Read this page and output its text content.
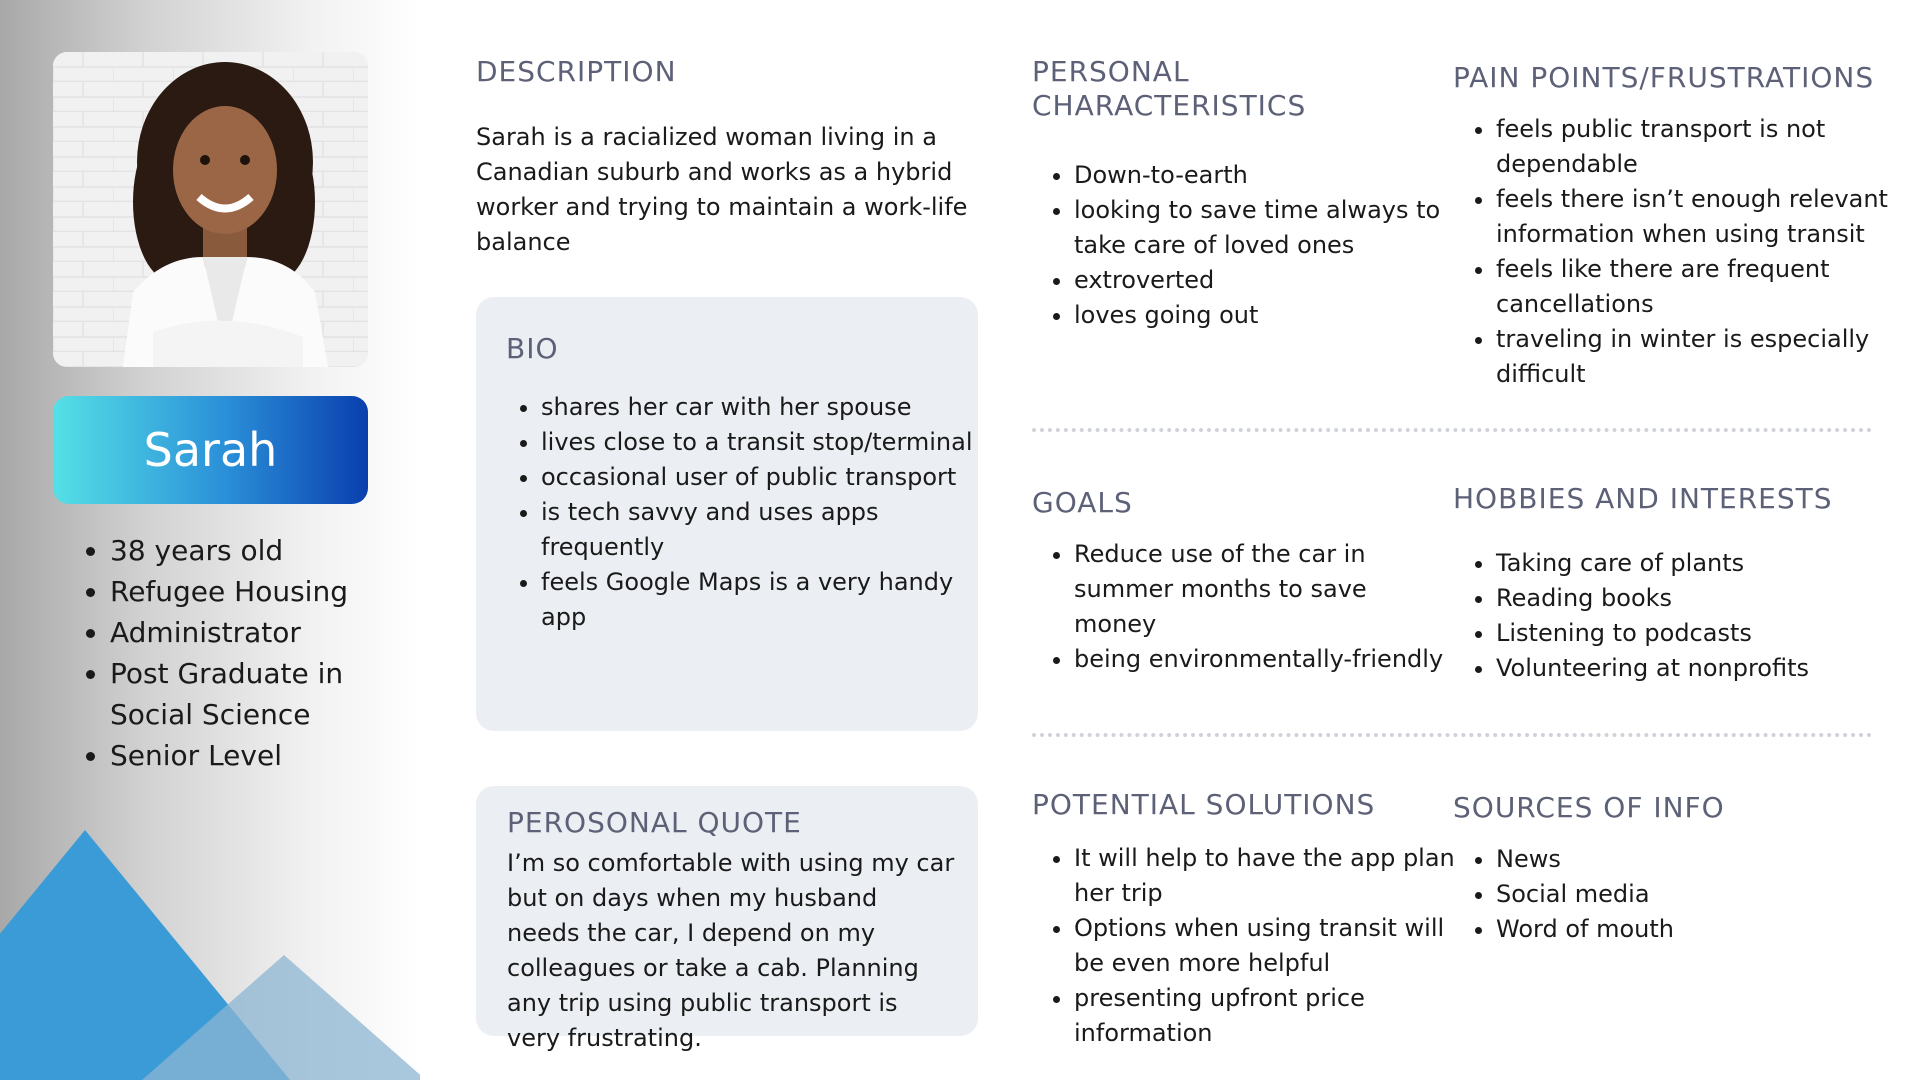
Sarah
• 38 years old
• Refugee Housing
• Administrator
• Post Graduate in Social Science
• Senior Level
DESCRIPTION

Sarah is a racialized woman living in a Canadian suburb and works as a hybrid worker and trying to maintain a work-life balance

BIO
• shares her car with her spouse
• lives close to a transit stop/terminal
• occasional user of public transport
• is tech savvy and uses apps frequently
• feels Google Maps is a very handy app
PEROSONAL QUOTE

I’m so comfortable with using my car but on days when my husband needs the car, I depend on my colleagues or take a cab. Planning any trip using public transport is very frustrating.

PERSONAL CHARACTERISTICS
• Down-to-earth
• looking to save time always to take care of loved ones
• extroverted
• loves going out
PAIN POINTS/FRUSTRATIONS
• feels public transport is not dependable
• feels there isn’t enough relevant information when using transit
• feels like there are frequent cancellations
• traveling in winter is especially difficult
GOALS
• Reduce use of the car in summer months to save money
• being environmentally-friendly
HOBBIES AND INTERESTS
• Taking care of plants
• Reading books
• Listening to podcasts
• Volunteering at nonprofits
POTENTIAL SOLUTIONS
• It will help to have the app plan her trip
• Options when using transit will be even more helpful
• presenting upfront price information
SOURCES OF INFO
• News
• Social media
• Word of mouth
